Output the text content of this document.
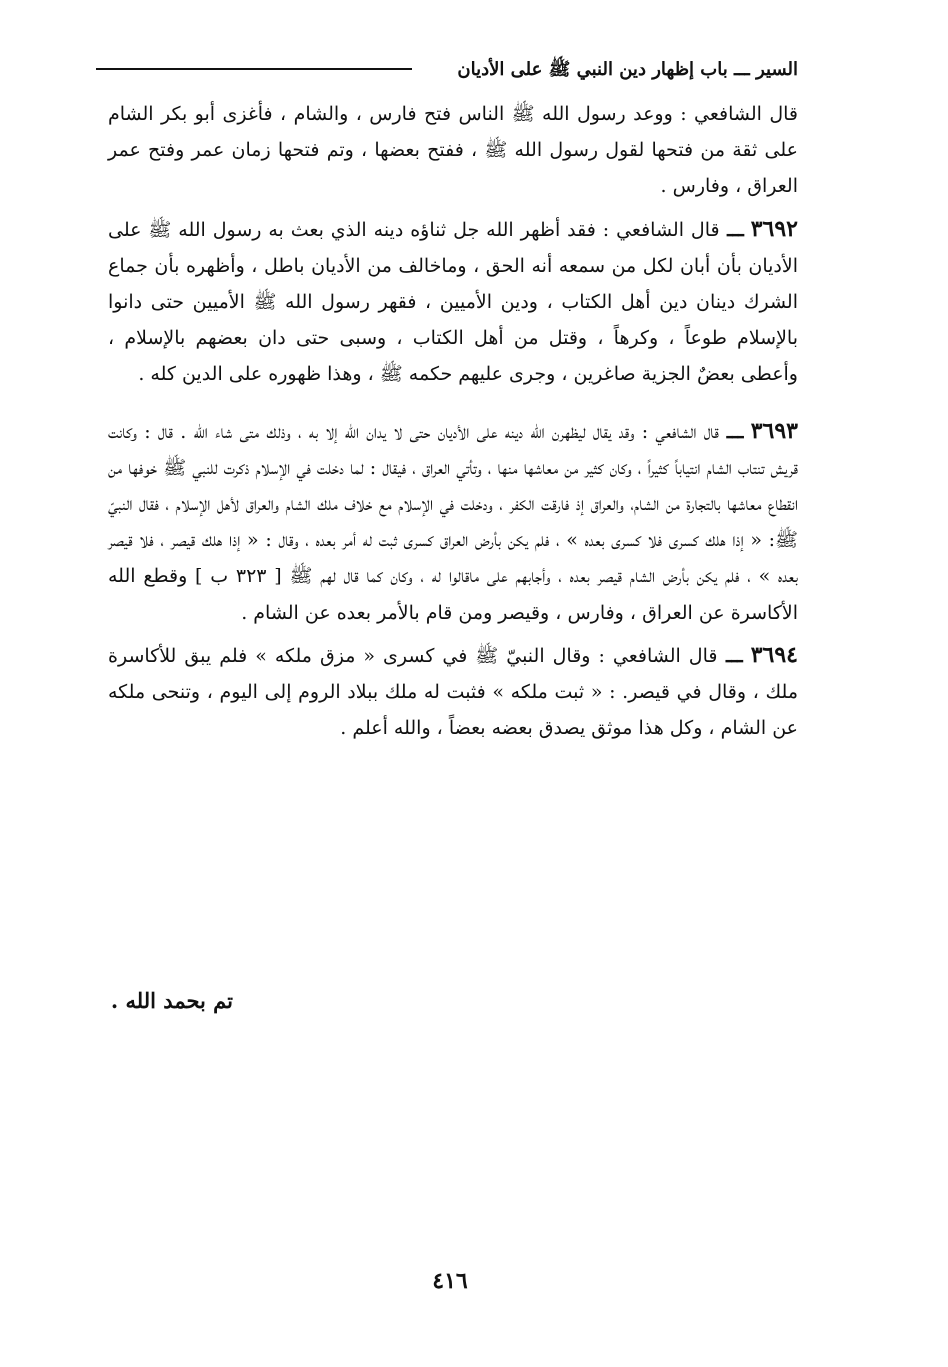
السير ـــ باب إظهار دين النبي ﷺ على الأديان

قال الشافعي : ووعد رسول الله ﷺ الناس فتح فارس ، والشام ، فأغزى أبو بكر الشام على ثقة من فتحها لقول رسول الله ﷺ ، ففتح بعضها ، وتم فتحها زمان عمر وفتح عمر العراق ، وفارس .

٣٦٩٢ ـــ قال الشافعي : فقد أظهر الله جل ثناؤه دينه الذي بعث به رسول الله ﷺ على الأديان بأن أبان لكل من سمعه أنه الحق ، وماخالف من الأديان باطل ، وأظهره بأن جماع الشرك دينان دين أهل الكتاب ، ودين الأميين ، فقهر رسول الله ﷺ الأميين حتى دانوا بالإسلام طوعاً ، وكرهاً ، وقتل من أهل الكتاب ، وسبى حتى دان بعضهم بالإسلام ، وأعطى بعضٌ الجزية صاغرين ، وجرى عليهم حكمه ﷺ ، وهذا ظهوره على الدين كله .

٣٦٩٣ ـــ قال الشافعي : وقد يقال ليظهرن الله دينه على الأديان حتى لا يدان الله إلا به ، وذلك متى شاء الله . قال : وكانت قريش تنتاب الشام انتياباً كثيراً ، وكان كثير من معاشها منها ، وتأتي العراق ، فيقال : لما دخلت في الإسلام ذكرت للنبي ﷺ خوفها من انقطاع معاشها بالتجارة من الشام، والعراق إذ فارقت الكفر ، ودخلت في الإسلام مع خلاف ملك الشام والعراق لأهل الإسلام ، فقال النبيّ ﷺ: « إذا هلك كسرى فلا كسرى بعده » ، فلم يكن بأرض العراق كسرى ثبت له أمر بعده ، وقال : « إذا هلك قيصر ، فلا قيصر بعده » ، فلم يكن بأرض الشام قيصر بعده ، وأجابهم على ماقالوا له ، وكان كما قال لهم ﷺ [ ٣٢٣ ب ] وقطع الله الأكاسرة عن العراق ، وفارس ، وقيصر ومن قام بالأمر بعده عن الشام .

٣٦٩٤ ـــ قال الشافعي : وقال النبيّ ﷺ في كسرى « مزق ملكه » فلم يبق للأكاسرة ملك ، وقال في قيصر. : « ثبت ملكه » فثبت له ملك ببلاد الروم إلى اليوم ، وتنحى ملكه عن الشام ، وكل هذا موثق يصدق بعضه بعضاً ، والله أعلم .

تم بحمد الله .
٤١٦
